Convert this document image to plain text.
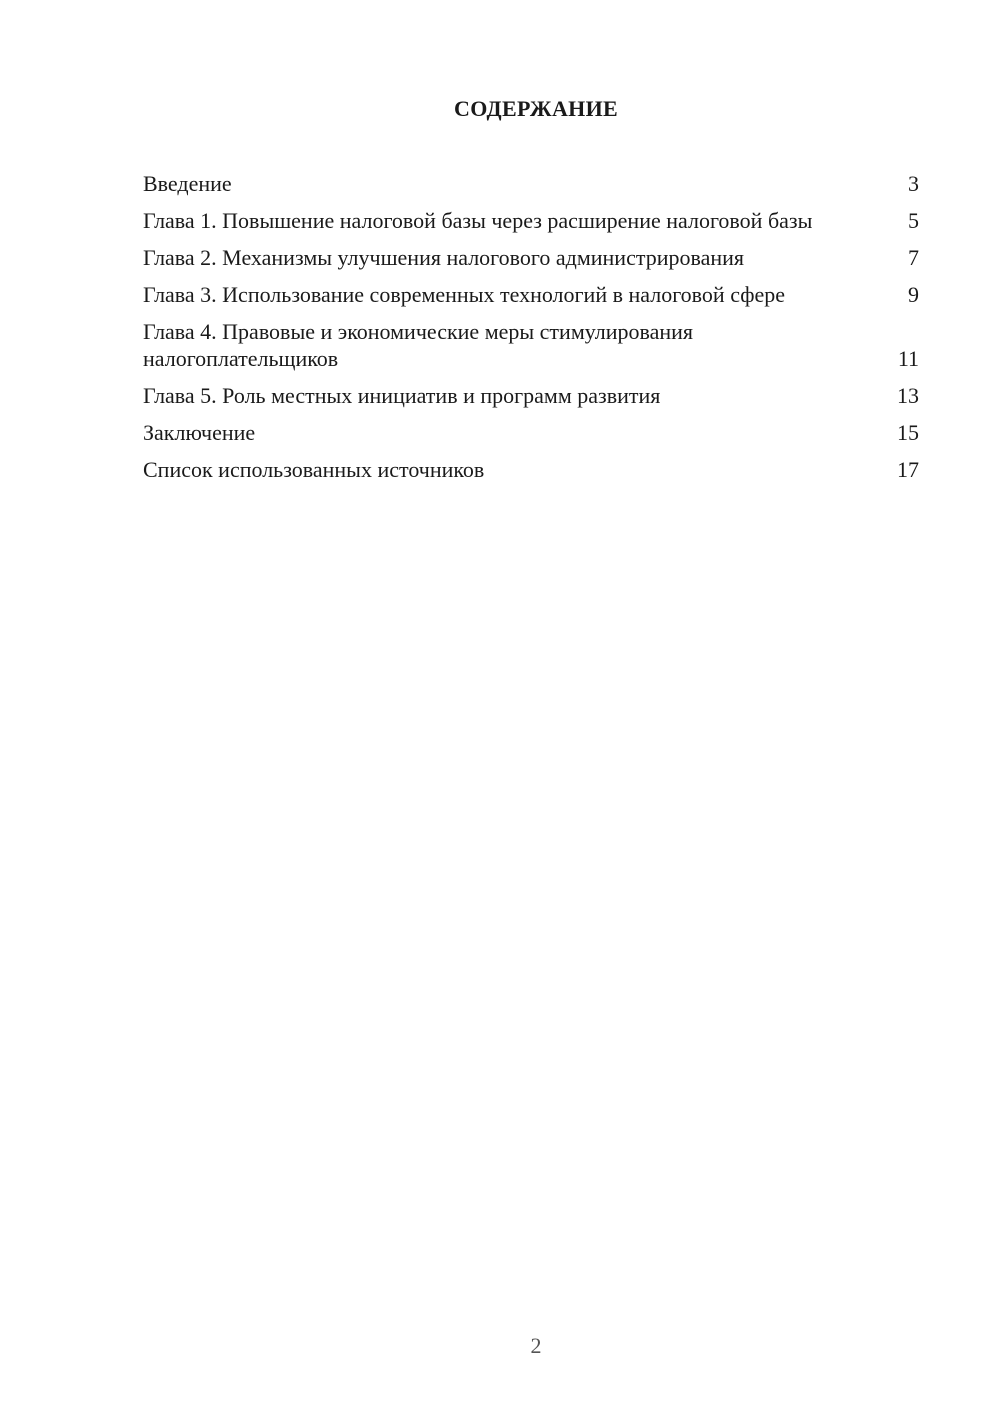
СОДЕРЖАНИЕ
Введение	3
Глава 1. Повышение налоговой базы через расширение налоговой базы	5
Глава 2. Механизмы улучшения налогового администрирования	7
Глава 3. Использование современных технологий в налоговой сфере	9
Глава 4. Правовые и экономические меры стимулирования налогоплательщиков	11
Глава 5. Роль местных инициатив и программ развития	13
Заключение	15
Список использованных источников	17
2
